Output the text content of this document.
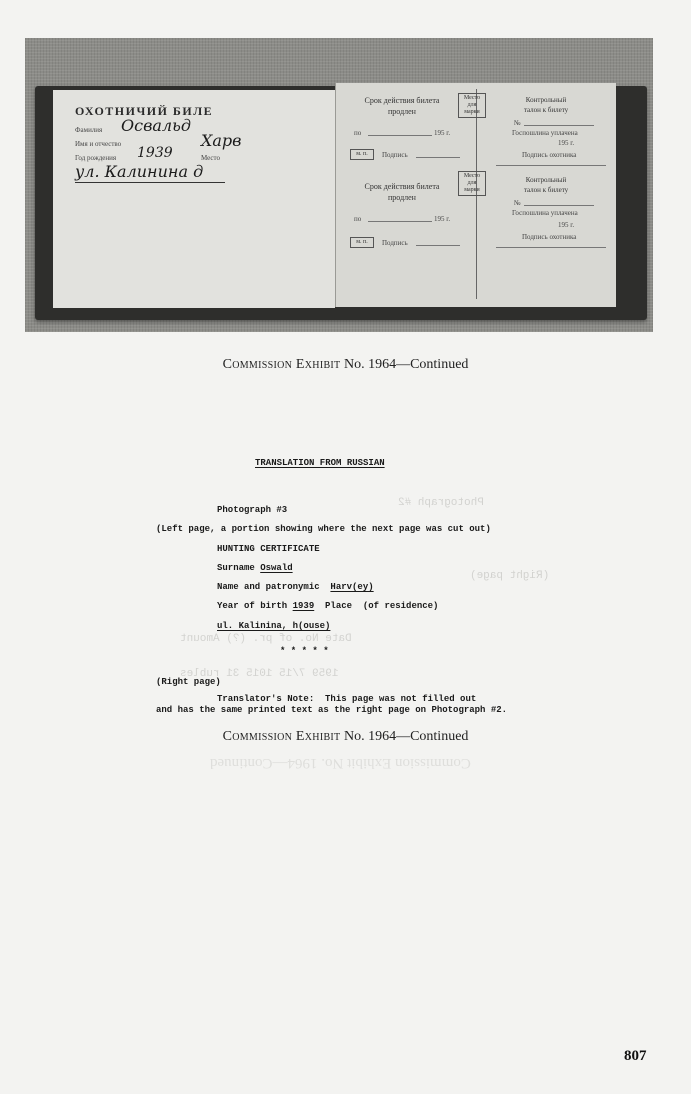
Photograph #2
(Right page)
Date No. of pr. (?) Amount
1959 7/15 1015 31 rubles
Commission Exhibit No. 1964—Continued
ОХОТНИЧИЙ БИЛЕ
Фамилия Освальд
Имя и отчество	Харв
Год рождения 1939	Место
ул. Калинина д
Срок действия билета
продлен
Место
для
марки
по	195 г.
м. п.	Подпись
Срок действия билета
продлен
Место
для
марки
по	195 г.
м. п.	Подпись
Контрольный
талон к билету
№
Госпошлина уплачена
195 г.
Подпись охотника
Контрольный
талон к билету
№
Госпошлина уплачена
195 г.
Подпись охотника
Commission Exhibit No. 1964—Continued
TRANSLATION FROM RUSSIAN
Photograph #3
(Left page, a portion showing where the next page was cut out)
HUNTING CERTIFICATE
Surname Oswald
Name and patronymic  Harv(ey)
Year of birth 1939  Place  (of residence)
ul. Kalinina, h(ouse)
* * * * *
(Right page)
Translator's Note:  This page was not filled out
and has the same printed text as the right page on Photograph #2.
Commission Exhibit No. 1964—Continued
807
